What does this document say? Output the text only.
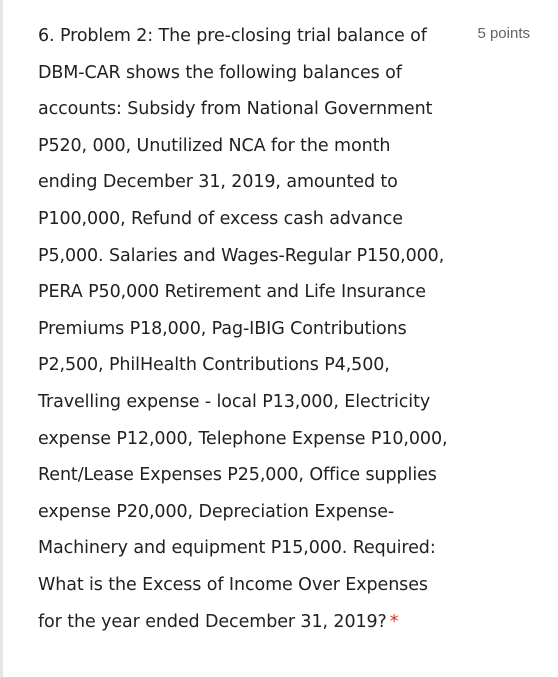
6. Problem 2: The pre-closing trial balance of
DBM-CAR shows the following balances of
accounts: Subsidy from National Government
P520, 000, Unutilized NCA for the month
ending December 31, 2019, amounted to
P100,000, Refund of excess cash advance
P5,000. Salaries and Wages-Regular P150,000,
PERA P50,000 Retirement and Life Insurance
Premiums P18,000, Pag-IBIG Contributions
P2,500, PhilHealth Contributions P4,500,
Travelling expense - local P13,000, Electricity
expense P12,000, Telephone Expense P10,000,
Rent/Lease Expenses P25,000, Office supplies
expense P20,000, Depreciation Expense-
Machinery and equipment P15,000. Required:
What is the Excess of Income Over Expenses
for the year ended December 31, 2019? *

5 points
